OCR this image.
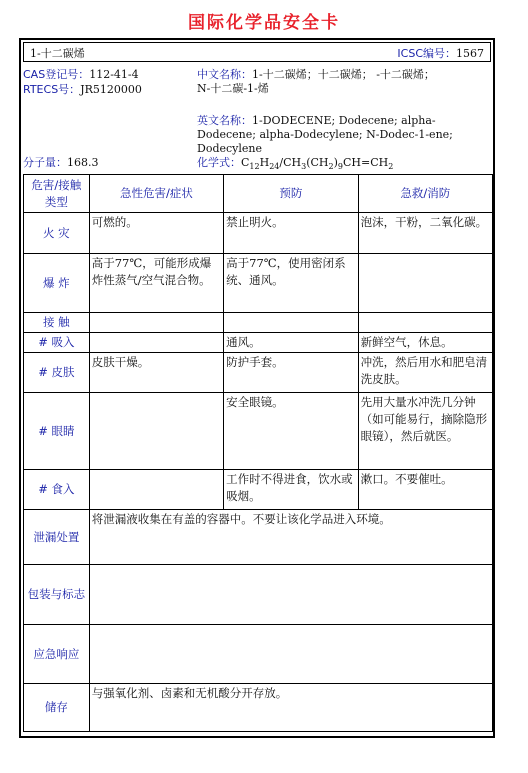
国际化学品安全卡
1-十二碳烯	ICSC编号：1567
CAS登记号：112-41-4
RTECS号：JR5120000
中文名称：1-十二碳烯；十二碳烯； -十二碳烯；
N-十二碳-1-烯
英文名称：1-DODECENE; Dodecene; alpha-
Dodecene; alpha-Dodecylene; N-Dodec-1-ene;
Dodecylene
分子量：168.3	化学式：$C_{12}H_{24}/CH_3(CH_2)_9CH=CH_2$
危害/接触类型	急性危害/症状	预防	急救/消防
火 灾	可燃的。	禁止明火。	泡沫，干粉，二氧化碳。
爆 炸	高于77℃，可能形成爆炸性蒸气/空气混合物。	高于77℃，使用密闭系统、通风。	
接 触			
# 吸入		通风。	新鲜空气，休息。
# 皮肤	皮肤干燥。	防护手套。	冲洗，然后用水和肥皂清洗皮肤。
# 眼睛		安全眼镜。	先用大量水冲洗几分钟（如可能易行，摘除隐形眼镜），然后就医。
# 食入		工作时不得进食，饮水或吸烟。	漱口。不要催吐。
泄漏处置	将泄漏液收集在有盖的容器中。不要让该化学品进入环境。		
包装与标志			
应急响应			
储存	与强氧化剂、卤素和无机酸分开存放。		
